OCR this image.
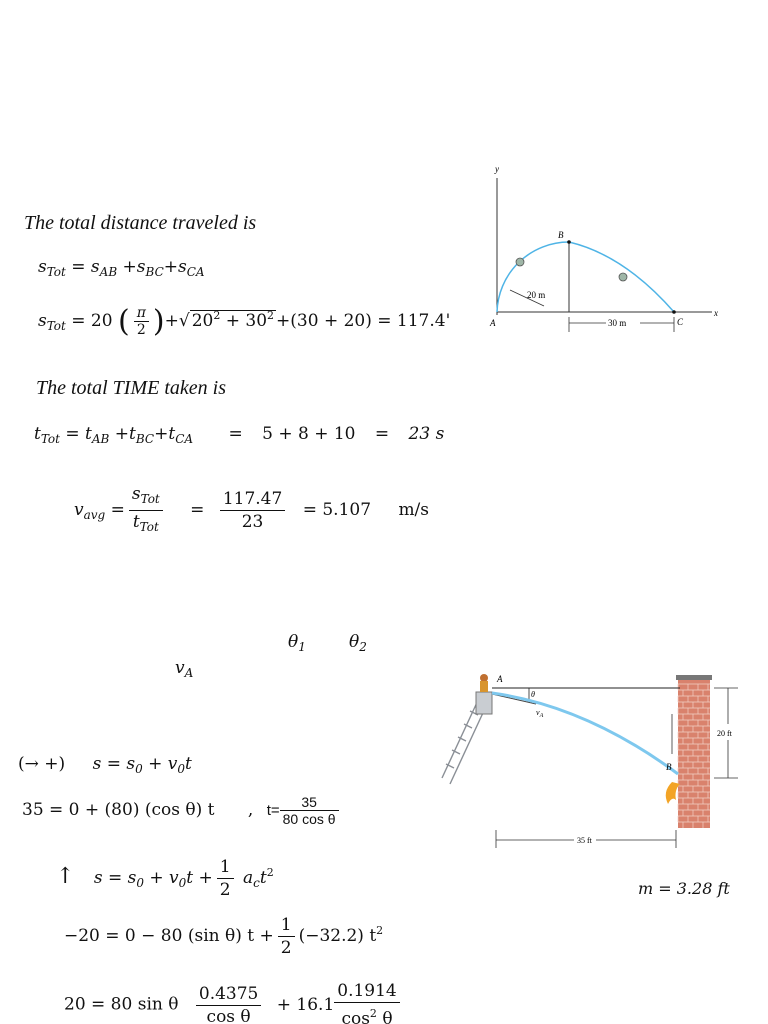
The total distance traveled is
$s_{Tot} = s_{AB} +s_{BC}+s_{CA}$
$s_{Tot} = 20$ ( $\frac{\pi}{2}$ )+√ $20^2 + 30^2 +(30 + 20) = 117.4'$
The total TIME taken is
$t_{Tot} = t_{AB} +t_{BC}+t_{CA} = 5 + 8 + 10 = 23$ s
$v_{avg} = \frac{s_{Tot}}{t_{Tot}} = \frac{117.47}{23} = 5.107$ m/s
y
x
A
B
C
20 m
30 m
$\theta_1$	$\theta_2$
$v_A$
(→ +) $s = s_0 + v_0t$
35 = 0 + (80) (cos θ) t , $t= \frac{35}{\text{80 cos θ}}$
↑ $s = s_0 + v_0t + \frac{1}{2} a_ct^2$
m = 3.28 ft
−20 = 0 − 80 (sin θ) $t + \frac{1}{2} (-32.2)$ $t^2$
20 = 80 sin θ $\frac{0.4375}{\text{cos θ}} + 16.1 \frac{0.1914}{\cos^2 \theta}$
20 ft
35 ft
A
B
θ
$v_A$
